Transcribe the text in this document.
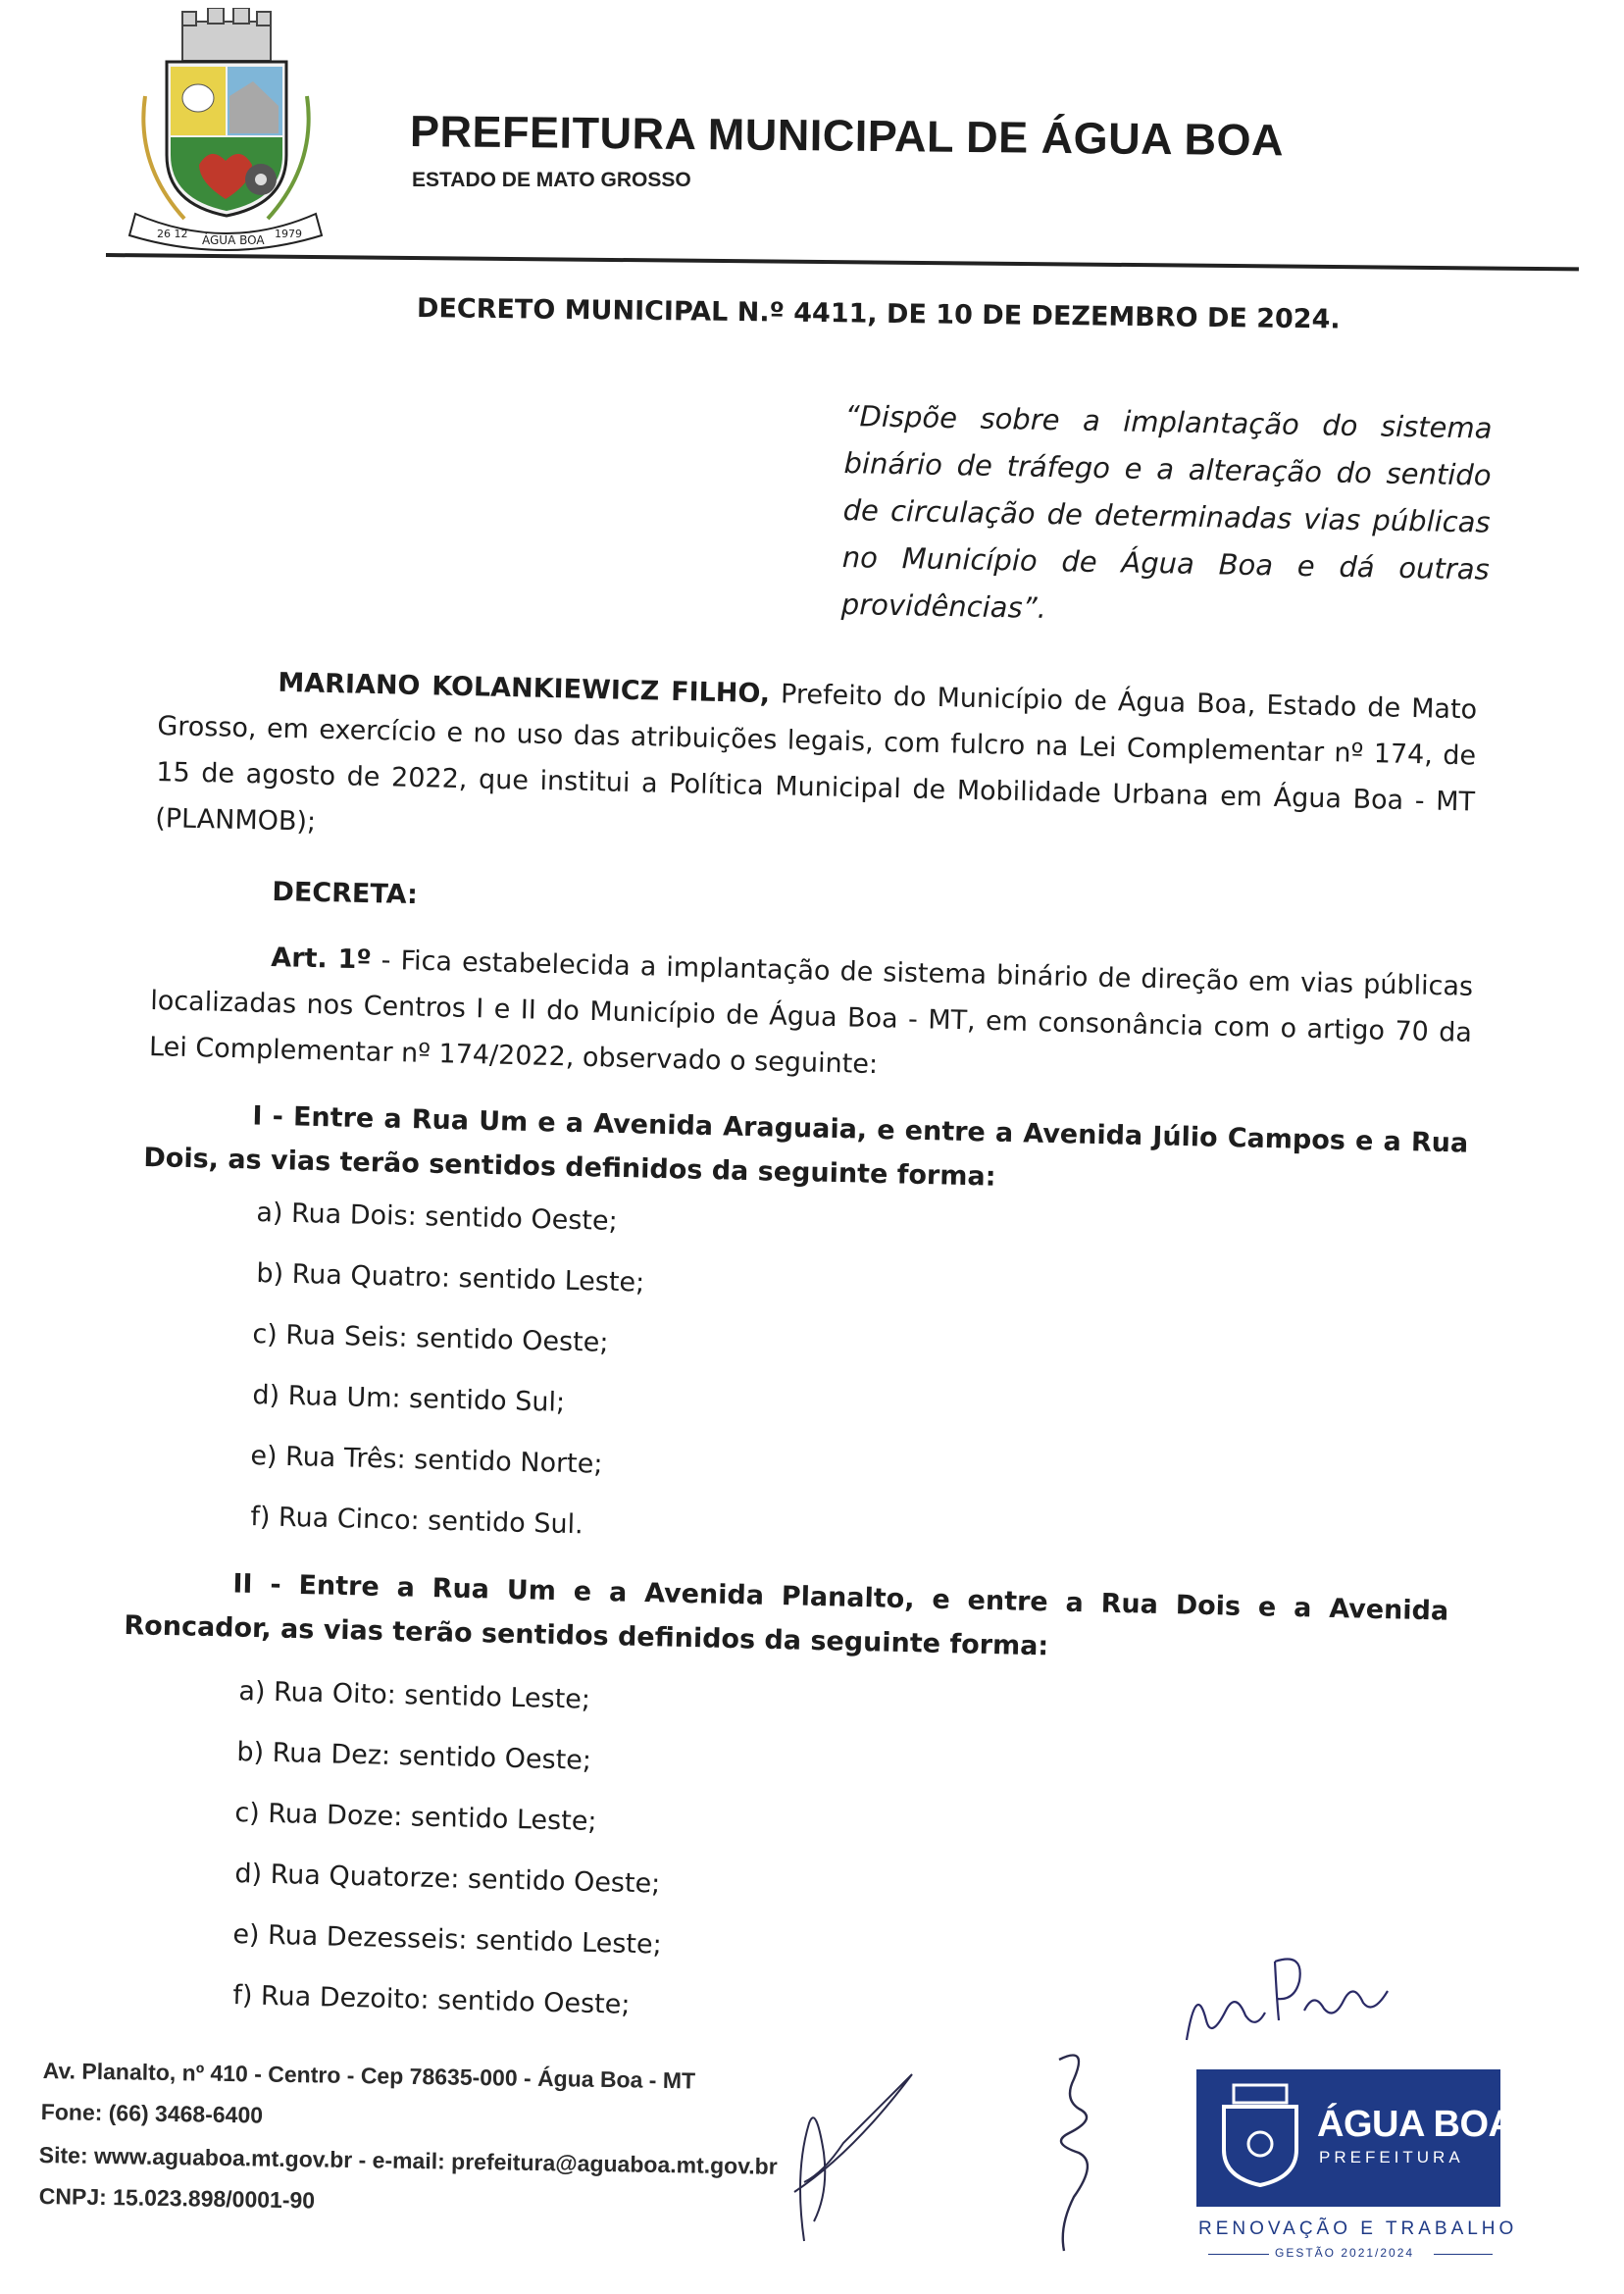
26 12 ÁGUA BOA 1979
PREFEITURA MUNICIPAL DE ÁGUA BOA
ESTADO DE MATO GROSSO
DECRETO MUNICIPAL N.º 4411, DE 10 DE DEZEMBRO DE 2024.
“Dispõe sobre a implantação do sistema binário de tráfego e a alteração do sentido de circulação de determinadas vias públicas no Município de Água Boa e dá outras providências”.
MARIANO KOLANKIEWICZ FILHO, Prefeito do Município de Água Boa, Estado de Mato Grosso, em exercício e no uso das atribuições legais, com fulcro na Lei Complementar nº 174, de 15 de agosto de 2022, que institui a Política Municipal de Mobilidade Urbana em Água Boa - MT (PLANMOB);
DECRETA:
Art. 1º - Fica estabelecida a implantação de sistema binário de direção em vias públicas localizadas nos Centros I e II do Município de Água Boa - MT, em consonância com o artigo 70 da Lei Complementar nº 174/2022, observado o seguinte:
I - Entre a Rua Um e a Avenida Araguaia, e entre a Avenida Júlio Campos e a Rua Dois, as vias terão sentidos definidos da seguinte forma:
a) Rua Dois: sentido Oeste;
b) Rua Quatro: sentido Leste;
c) Rua Seis: sentido Oeste;
d) Rua Um: sentido Sul;
e) Rua Três: sentido Norte;
f) Rua Cinco: sentido Sul.
II - Entre a Rua Um e a Avenida Planalto, e entre a Rua Dois e a Avenida Roncador, as vias terão sentidos definidos da seguinte forma:
a) Rua Oito: sentido Leste;
b) Rua Dez: sentido Oeste;
c) Rua Doze: sentido Leste;
d) Rua Quatorze: sentido Oeste;
e) Rua Dezesseis: sentido Leste;
f) Rua Dezoito: sentido Oeste;
Av. Planalto, nº 410 - Centro - Cep 78635-000 - Água Boa - MT
Fone: (66) 3468-6400
Site: www.aguaboa.mt.gov.br - e-mail: prefeitura@aguaboa.mt.gov.br
CNPJ: 15.023.898/0001-90
ÁGUA BOA
PREFEITURA
RENOVAÇÃO E TRABALHO
GESTÃO 2021/2024
